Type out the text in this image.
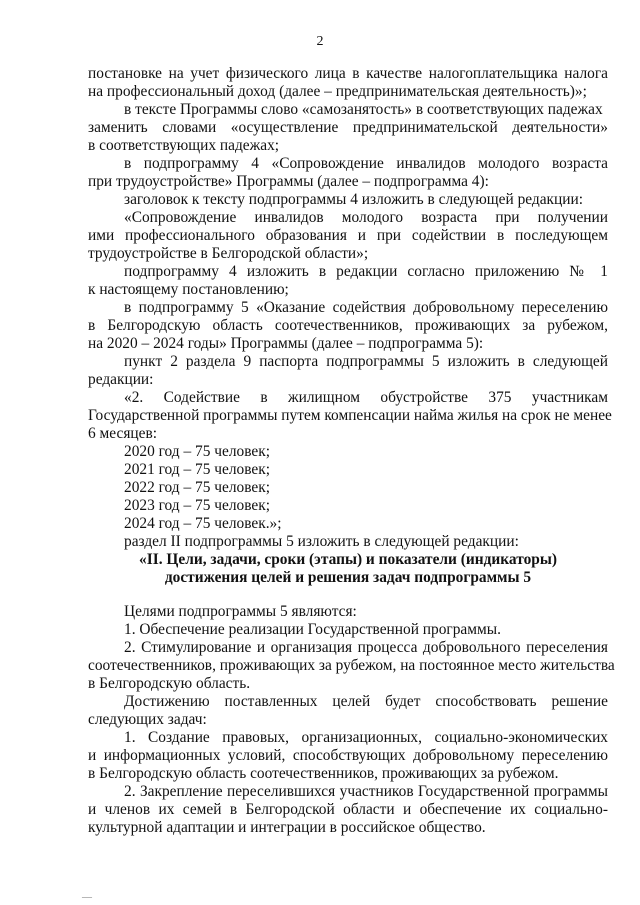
2
постановке на учет физического лица в качестве налогоплательщика налога
на профессиональный доход (далее – предпринимательская деятельность)»;
в тексте Программы слово «самозанятость» в соответствующих падежах
заменить словами «осуществление предпринимательской деятельности»
в соответствующих падежах;
в подпрограмму 4 «Сопровождение инвалидов молодого возраста
при трудоустройстве» Программы (далее – подпрограмма 4):
заголовок к тексту подпрограммы 4 изложить в следующей редакции:
«Сопровождение инвалидов молодого возраста при получении
ими профессионального образования и при содействии в последующем
трудоустройстве в Белгородской области»;
подпрограмму 4 изложить в редакции согласно приложению № 1
к настоящему постановлению;
в подпрограмму 5 «Оказание содействия добровольному переселению
в Белгородскую область соотечественников, проживающих за рубежом,
на 2020 – 2024 годы» Программы (далее – подпрограмма 5):
пункт 2 раздела 9 паспорта подпрограммы 5 изложить в следующей
редакции:
«2. Содействие в жилищном обустройстве 375 участникам
Государственной программы путем компенсации найма жилья на срок не менее
6 месяцев:
2020 год – 75 человек;
2021 год – 75 человек;
2022 год – 75 человек;
2023 год – 75 человек;
2024 год – 75 человек.»;
раздел II подпрограммы 5 изложить в следующей редакции:
«II. Цели, задачи, сроки (этапы) и показатели (индикаторы)
достижения целей и решения задач подпрограммы 5
Целями подпрограммы 5 являются:
1. Обеспечение реализации Государственной программы.
2. Стимулирование и организация процесса добровольного переселения
соотечественников, проживающих за рубежом, на постоянное место жительства
в Белгородскую область.
Достижению поставленных целей будет способствовать решение
следующих задач:
1. Создание правовых, организационных, социально-экономических
и информационных условий, способствующих добровольному переселению
в Белгородскую область соотечественников, проживающих за рубежом.
2. Закрепление переселившихся участников Государственной программы
и членов их семей в Белгородской области и обеспечение их социально-
культурной адаптации и интеграции в российское общество.
—
